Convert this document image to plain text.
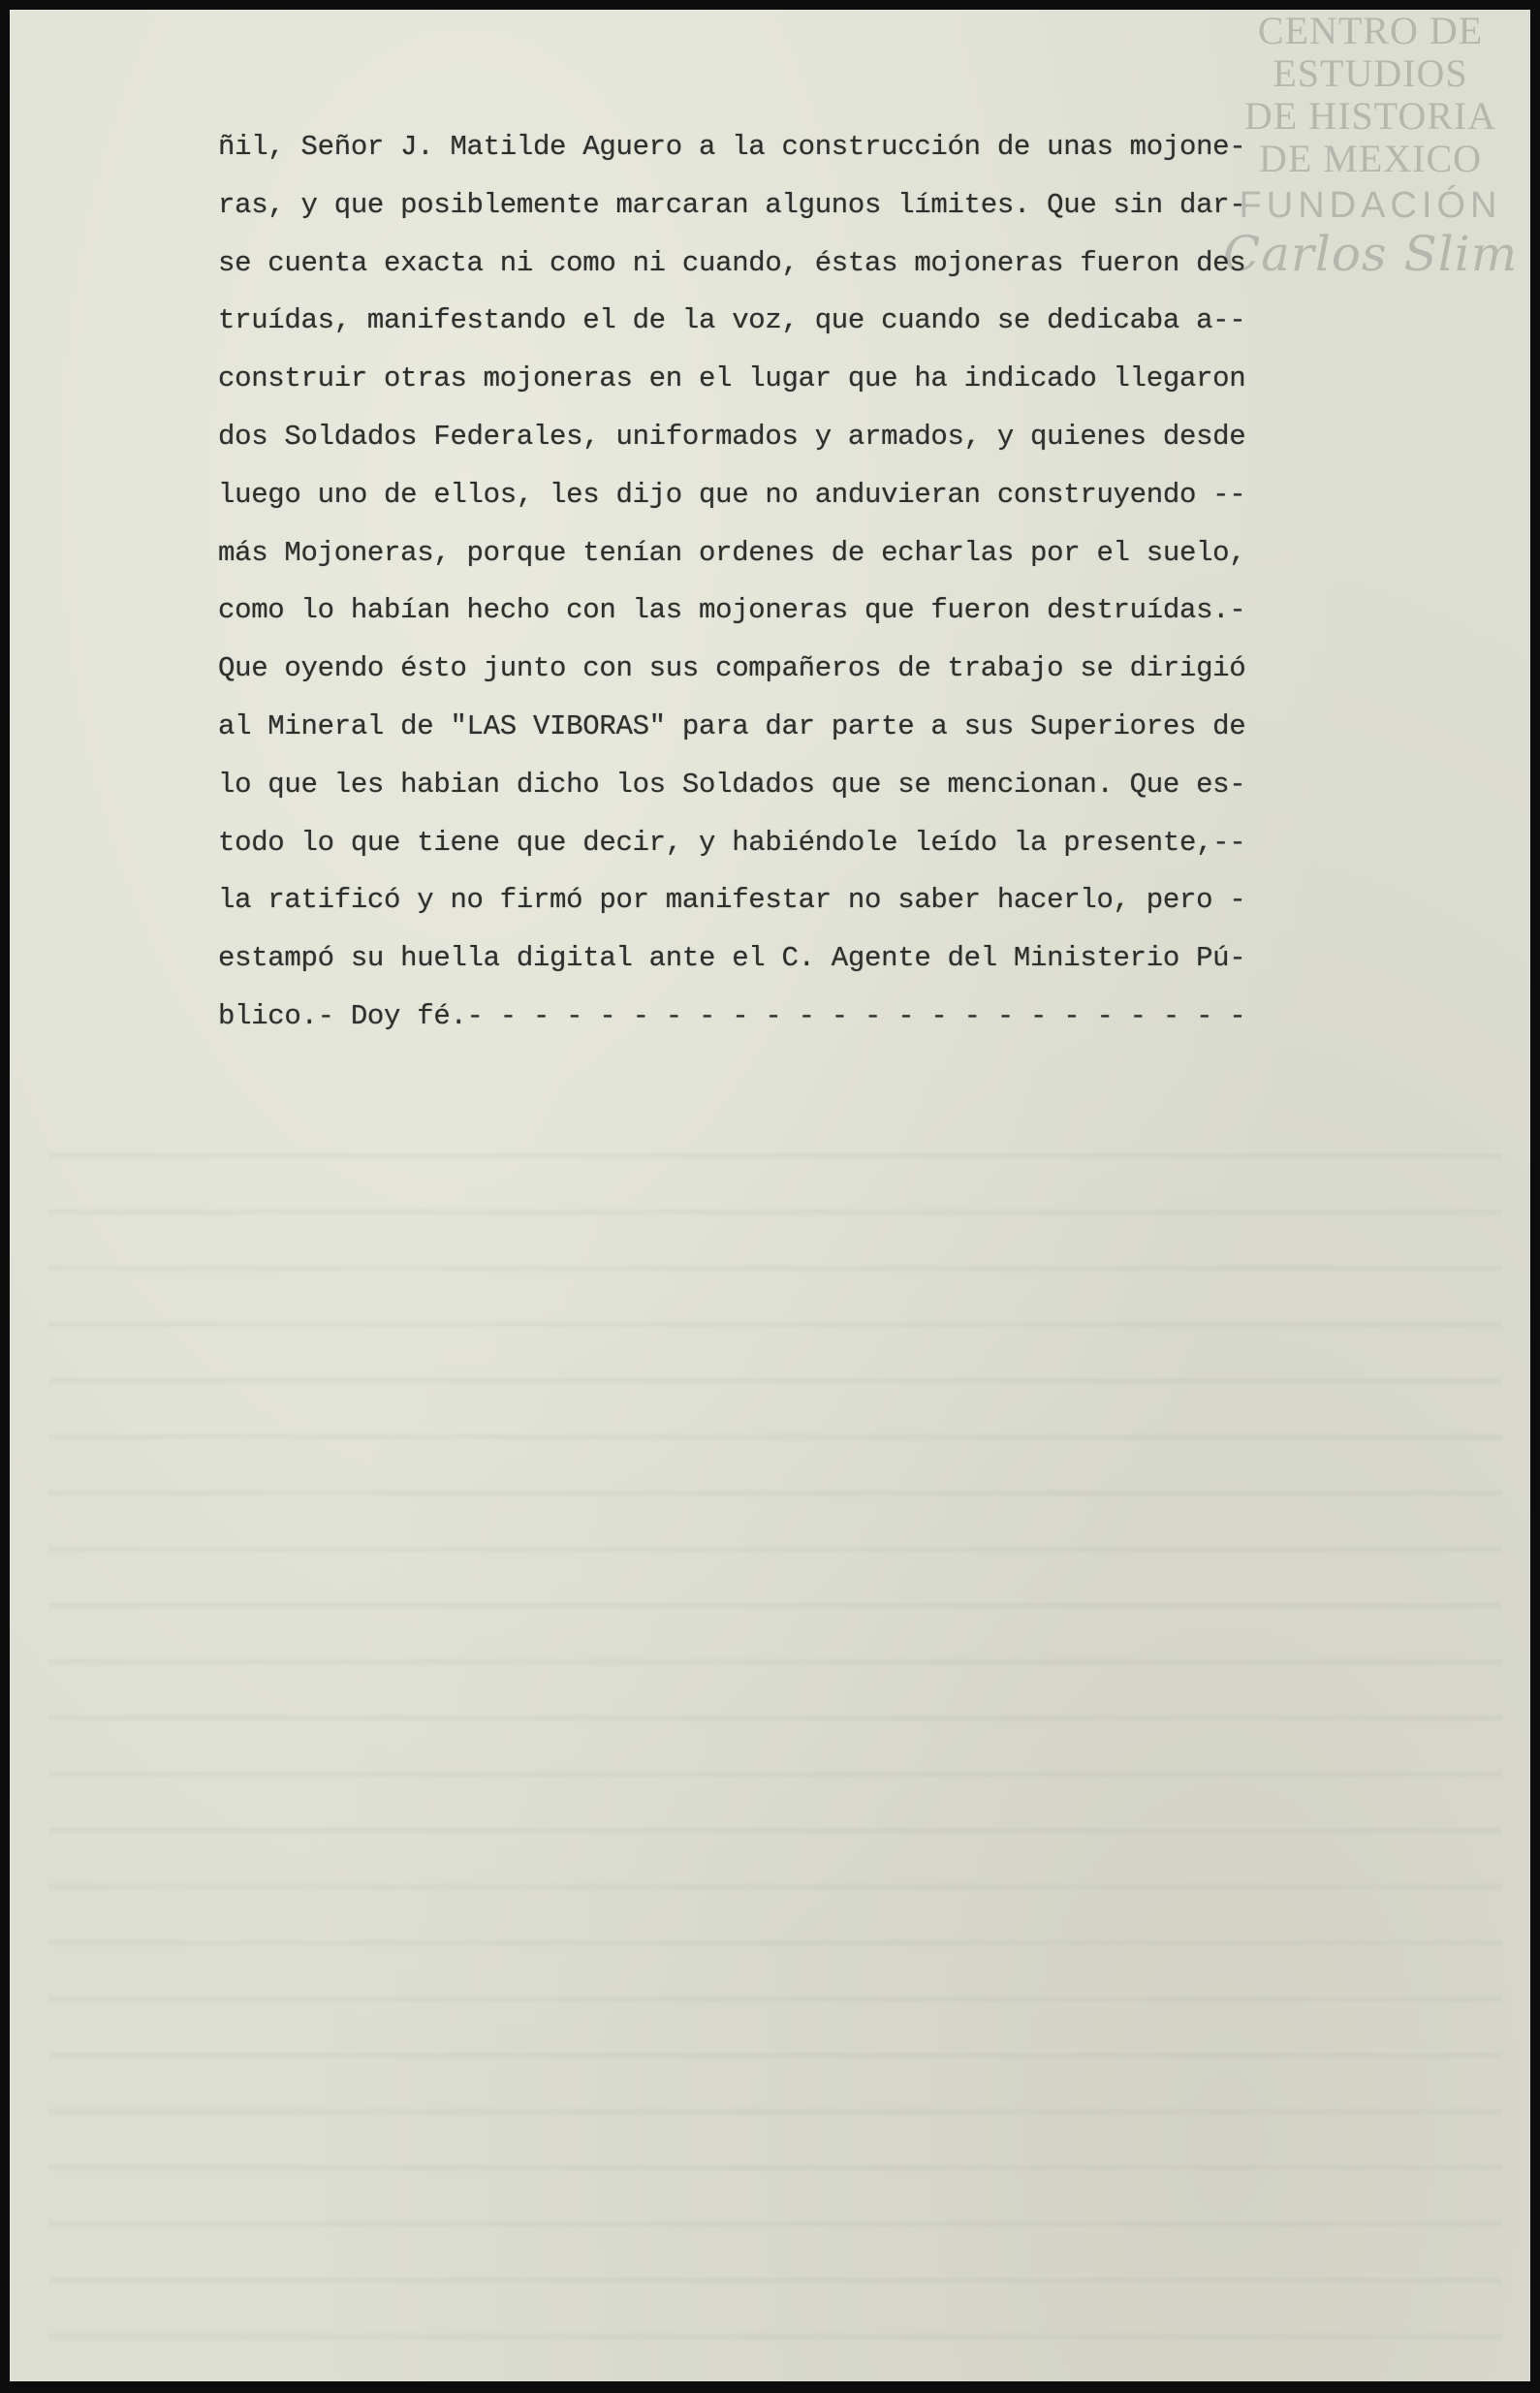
CENTRO DE
ESTUDIOS
DE HISTORIA
DE MEXICO
FUNDACIÓN
Carlos Slim
ñil, Señor J. Matilde Aguero a la construcción de unas mojone-
ras, y que posiblemente marcaran algunos límites. Que sin dar-
se cuenta exacta ni como ni cuando, éstas mojoneras fueron des
truídas, manifestando el de la voz, que cuando se dedicaba a--
construir otras mojoneras en el lugar que ha indicado llegaron
dos Soldados Federales, uniformados y armados, y quienes desde
luego uno de ellos, les dijo que no anduvieran construyendo --
más Mojoneras, porque tenían ordenes de echarlas por el suelo,
como lo habían hecho con las mojoneras que fueron destruídas.-
Que oyendo ésto junto con sus compañeros de trabajo se dirigió
al Mineral de "LAS VIBORAS" para dar parte a sus Superiores de
lo que les habian dicho los Soldados que se mencionan. Que es-
todo lo que tiene que decir, y habiéndole leído la presente,--
la ratificó y no firmó por manifestar no saber hacerlo, pero -
estampó su huella digital ante el C. Agente del Ministerio Pú-
blico.- Doy fé.- - - - - - - - - - - - - - - - - - - - - - - -
